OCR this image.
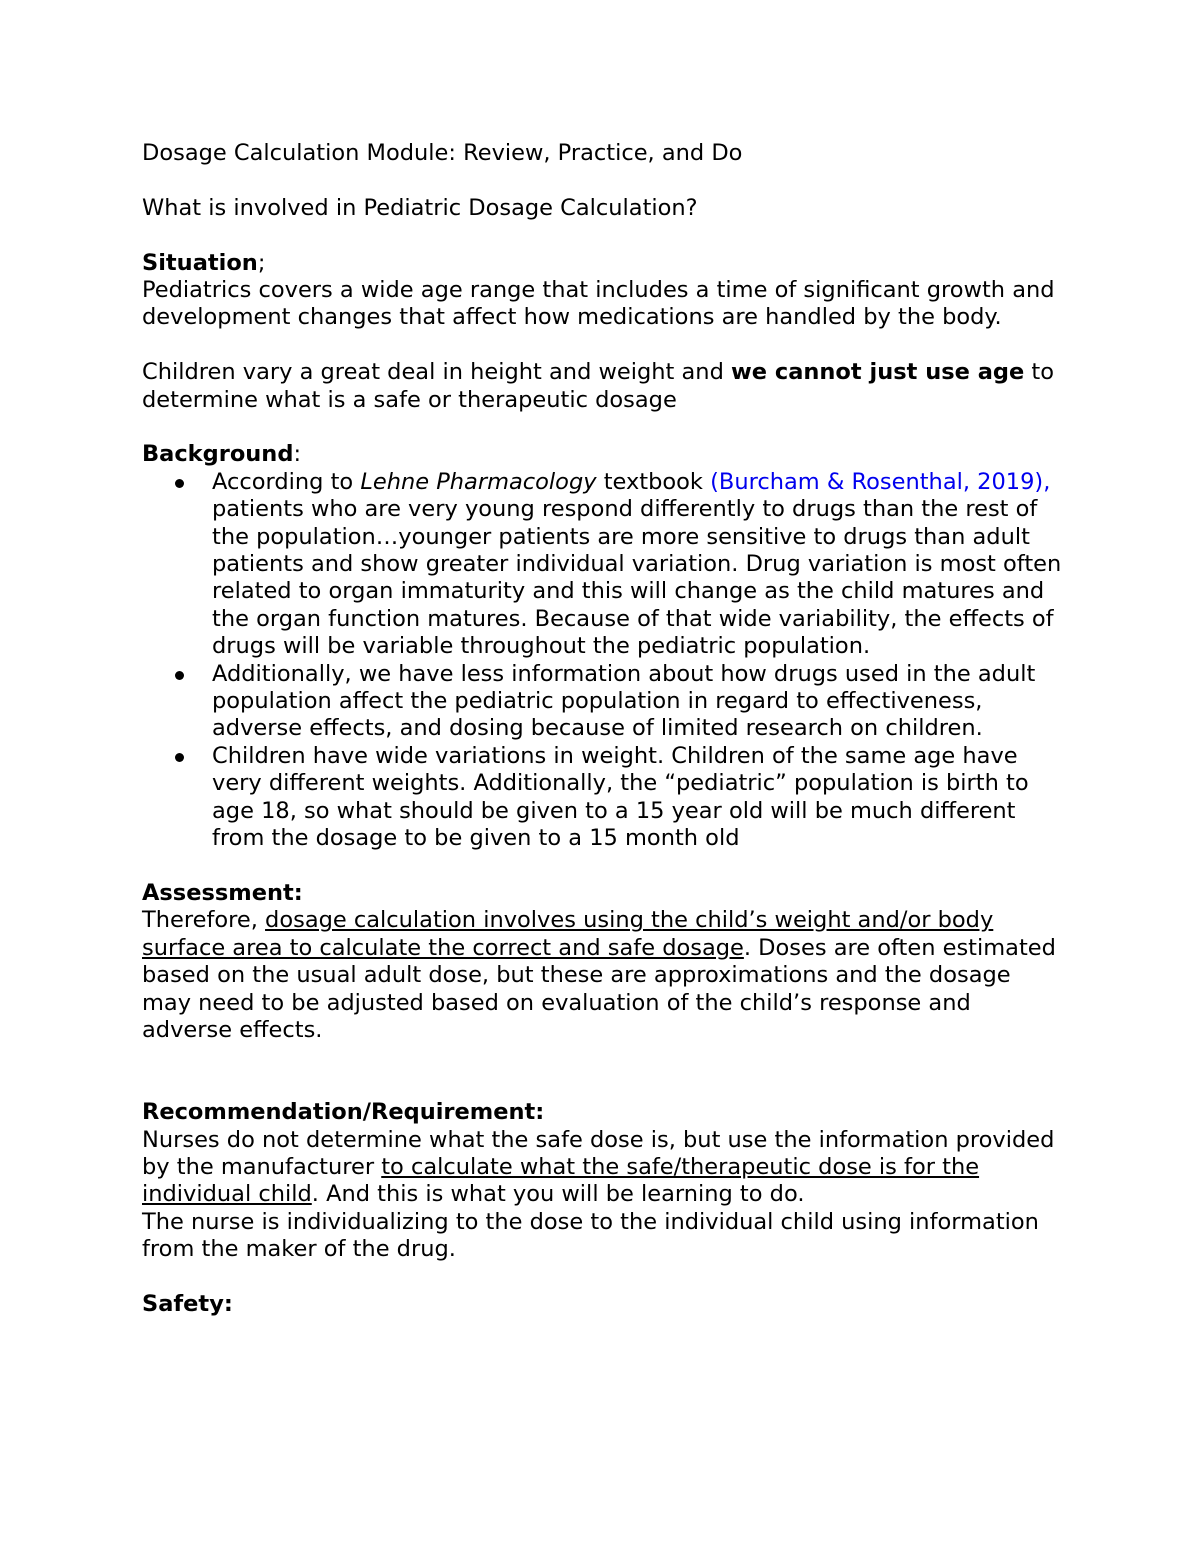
Dosage Calculation Module: Review, Practice, and Do

What is involved in Pediatric Dosage Calculation?

Situation;

Pediatrics covers a wide age range that includes a time of significant growth and development changes that affect how medications are handled by the body.

Children vary a great deal in height and weight and we cannot just use age to determine what is a safe or therapeutic dosage

Background:

According to Lehne Pharmacology textbook (Burcham & Rosenthal, 2019), patients who are very young respond differently to drugs than the rest of the population…younger patients are more sensitive to drugs than adult patients and show greater individual variation. Drug variation is most often related to organ immaturity and this will change as the child matures and the organ function matures. Because of that wide variability, the effects of drugs will be variable throughout the pediatric population.
Additionally, we have less information about how drugs used in the adult population affect the pediatric population in regard to effectiveness, adverse effects, and dosing because of limited research on children.
Children have wide variations in weight. Children of the same age have very different weights. Additionally, the “pediatric” population is birth to age 18, so what should be given to a 15 year old will be much different from the dosage to be given to a 15 month old

Assessment:

Therefore, dosage calculation involves using the child’s weight and/or body surface area to calculate the correct and safe dosage. Doses are often estimated based on the usual adult dose, but these are approximations and the dosage may need to be adjusted based on evaluation of the child’s response and adverse effects.

Recommendation/Requirement:

Nurses do not determine what the safe dose is, but use the information provided by the manufacturer to calculate what the safe/therapeutic dose is for the individual child. And this is what you will be learning to do.

The nurse is individualizing to the dose to the individual child using information from the maker of the drug.

Safety:
